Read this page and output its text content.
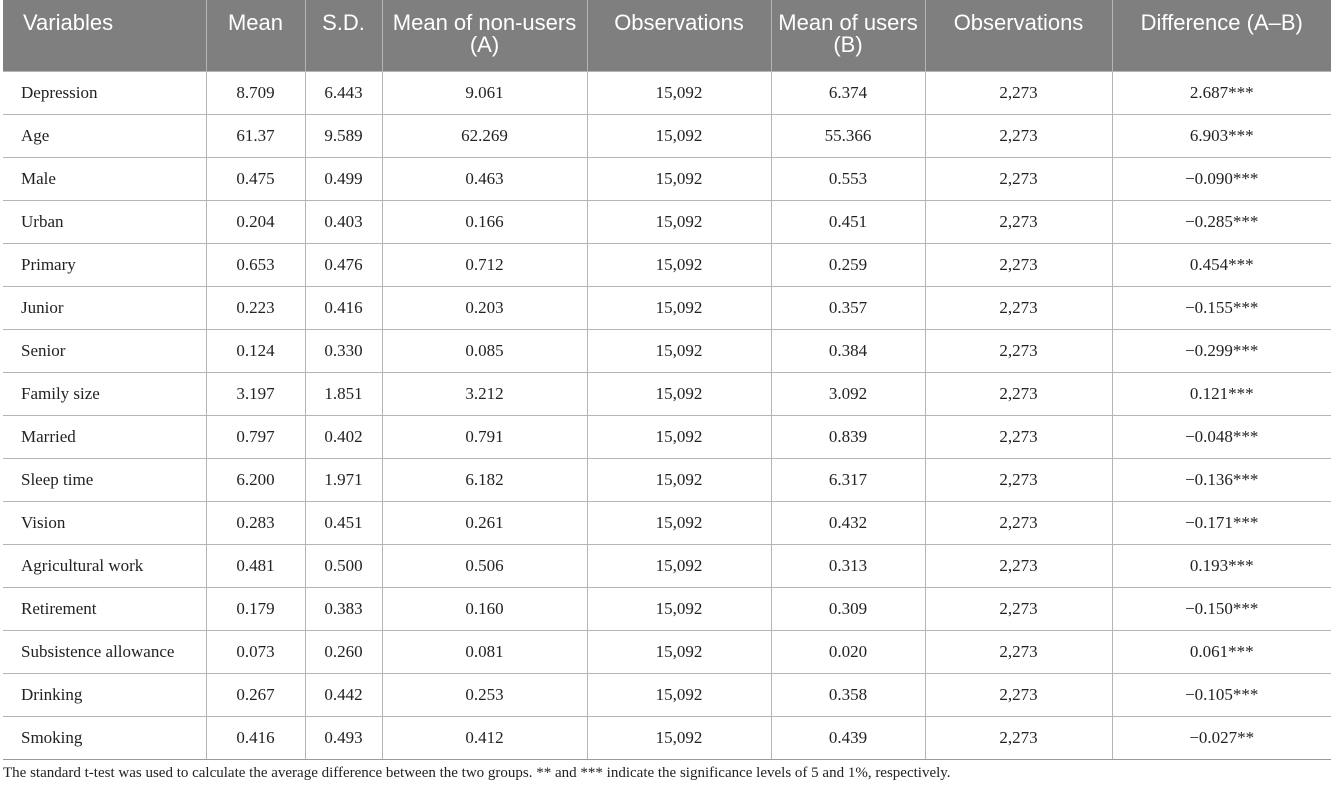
Variables	Mean	S.D.	Mean of non-users (A)	Observations	Mean of users (B)	Observations	Difference (A–B)

Depression	8.709	6.443	9.061	15,092	6.374	2,273	2.687***
Age	61.37	9.589	62.269	15,092	55.366	2,273	6.903***
Male	0.475	0.499	0.463	15,092	0.553	2,273	−0.090***
Urban	0.204	0.403	0.166	15,092	0.451	2,273	−0.285***
Primary	0.653	0.476	0.712	15,092	0.259	2,273	0.454***
Junior	0.223	0.416	0.203	15,092	0.357	2,273	−0.155***
Senior	0.124	0.330	0.085	15,092	0.384	2,273	−0.299***
Family size	3.197	1.851	3.212	15,092	3.092	2,273	0.121***
Married	0.797	0.402	0.791	15,092	0.839	2,273	−0.048***
Sleep time	6.200	1.971	6.182	15,092	6.317	2,273	−0.136***
Vision	0.283	0.451	0.261	15,092	0.432	2,273	−0.171***
Agricultural work	0.481	0.500	0.506	15,092	0.313	2,273	0.193***
Retirement	0.179	0.383	0.160	15,092	0.309	2,273	−0.150***
Subsistence allowance	0.073	0.260	0.081	15,092	0.020	2,273	0.061***
Drinking	0.267	0.442	0.253	15,092	0.358	2,273	−0.105***
Smoking	0.416	0.493	0.412	15,092	0.439	2,273	−0.027**
The standard t-test was used to calculate the average difference between the two groups. ** and *** indicate the significance levels of 5 and 1%, respectively.
